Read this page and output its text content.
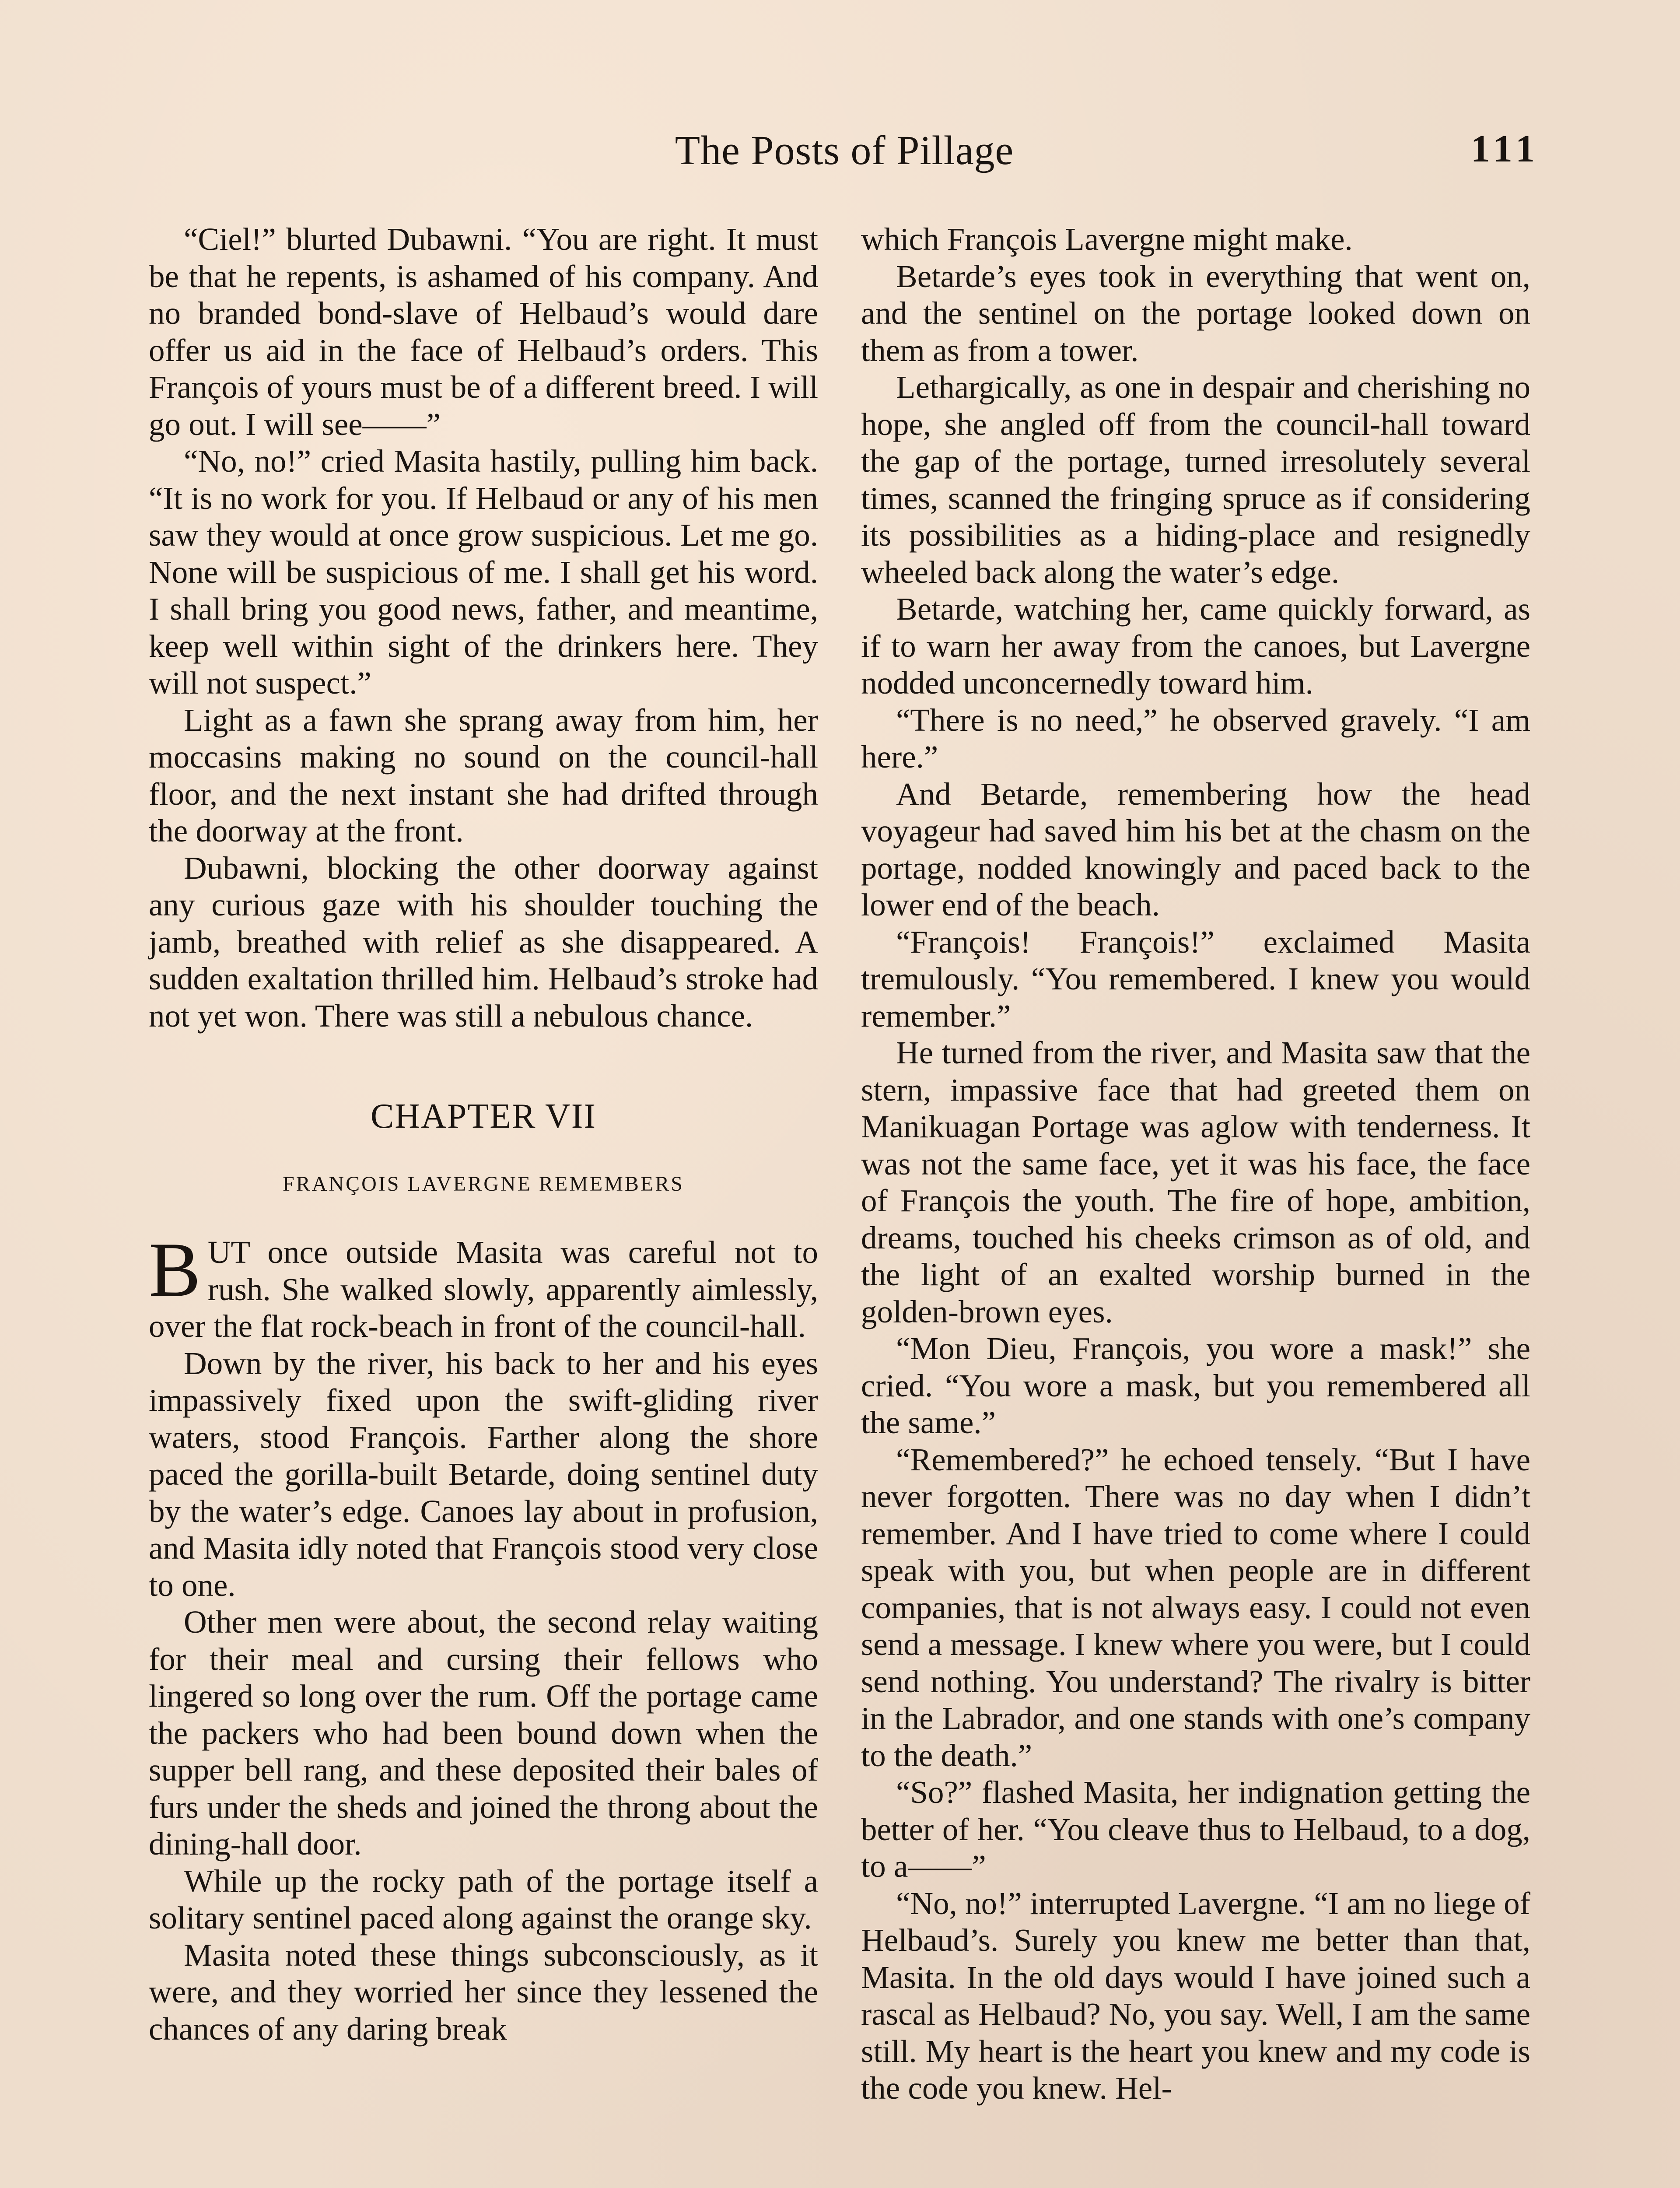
The Posts of Pillage	111

“Ciel!” blurted Dubawni. “You are right. It must be that he repents, is ashamed of his company. And no branded bond-slave of Helbaud’s would dare offer us aid in the face of Helbaud’s orders. This François of yours must be of a different breed. I will go out. I will see——”

“No, no!” cried Masita hastily, pulling him back. “It is no work for you. If Helbaud or any of his men saw they would at once grow suspicious. Let me go. None will be suspicious of me. I shall get his word. I shall bring you good news, father, and meantime, keep well within sight of the drinkers here. They will not suspect.”

Light as a fawn she sprang away from him, her moccasins making no sound on the council-hall floor, and the next instant she had drifted through the doorway at the front.

Dubawni, blocking the other doorway against any curious gaze with his shoulder touching the jamb, breathed with relief as she disappeared. A sudden exaltation thrilled him. Helbaud’s stroke had not yet won. There was still a nebulous chance.

CHAPTER VII
FRANÇOIS LAVERGNE REMEMBERS

BUT once outside Masita was careful not to rush. She walked slowly, apparently aimlessly, over the flat rock-beach in front of the council-hall.

Down by the river, his back to her and his eyes impassively fixed upon the swift-gliding river waters, stood François. Farther along the shore paced the gorilla-built Betarde, doing sentinel duty by the water’s edge. Canoes lay about in profusion, and Masita idly noted that François stood very close to one.

Other men were about, the second relay waiting for their meal and cursing their fellows who lingered so long over the rum. Off the portage came the packers who had been bound down when the supper bell rang, and these deposited their bales of furs under the sheds and joined the throng about the dining-hall door.

While up the rocky path of the portage itself a solitary sentinel paced along against the orange sky.

Masita noted these things subconsciously, as it were, and they worried her since they lessened the chances of any daring break

which François Lavergne might make.

Betarde’s eyes took in everything that went on, and the sentinel on the portage looked down on them as from a tower.

Lethargically, as one in despair and cherishing no hope, she angled off from the council-hall toward the gap of the portage, turned irresolutely several times, scanned the fringing spruce as if considering its possibilities as a hiding-place and resignedly wheeled back along the water’s edge.

Betarde, watching her, came quickly forward, as if to warn her away from the canoes, but Lavergne nodded unconcernedly toward him.

“There is no need,” he observed gravely. “I am here.”

And Betarde, remembering how the head voyageur had saved him his bet at the chasm on the portage, nodded knowingly and paced back to the lower end of the beach.

“François! François!” exclaimed Masita tremulously. “You remembered. I knew you would remember.”

He turned from the river, and Masita saw that the stern, impassive face that had greeted them on Manikuagan Portage was aglow with tenderness. It was not the same face, yet it was his face, the face of François the youth. The fire of hope, ambition, dreams, touched his cheeks crimson as of old, and the light of an exalted worship burned in the golden-brown eyes.

“Mon Dieu, François, you wore a mask!” she cried. “You wore a mask, but you remembered all the same.”

“Remembered?” he echoed tensely. “But I have never forgotten. There was no day when I didn’t remember. And I have tried to come where I could speak with you, but when people are in different companies, that is not always easy. I could not even send a message. I knew where you were, but I could send nothing. You understand? The rivalry is bitter in the Labrador, and one stands with one’s company to the death.”

“So?” flashed Masita, her indignation getting the better of her. “You cleave thus to Helbaud, to a dog, to a——”

“No, no!” interrupted Lavergne. “I am no liege of Helbaud’s. Surely you knew me better than that, Masita. In the old days would I have joined such a rascal as Helbaud? No, you say. Well, I am the same still. My heart is the heart you knew and my code is the code you knew. Hel-
